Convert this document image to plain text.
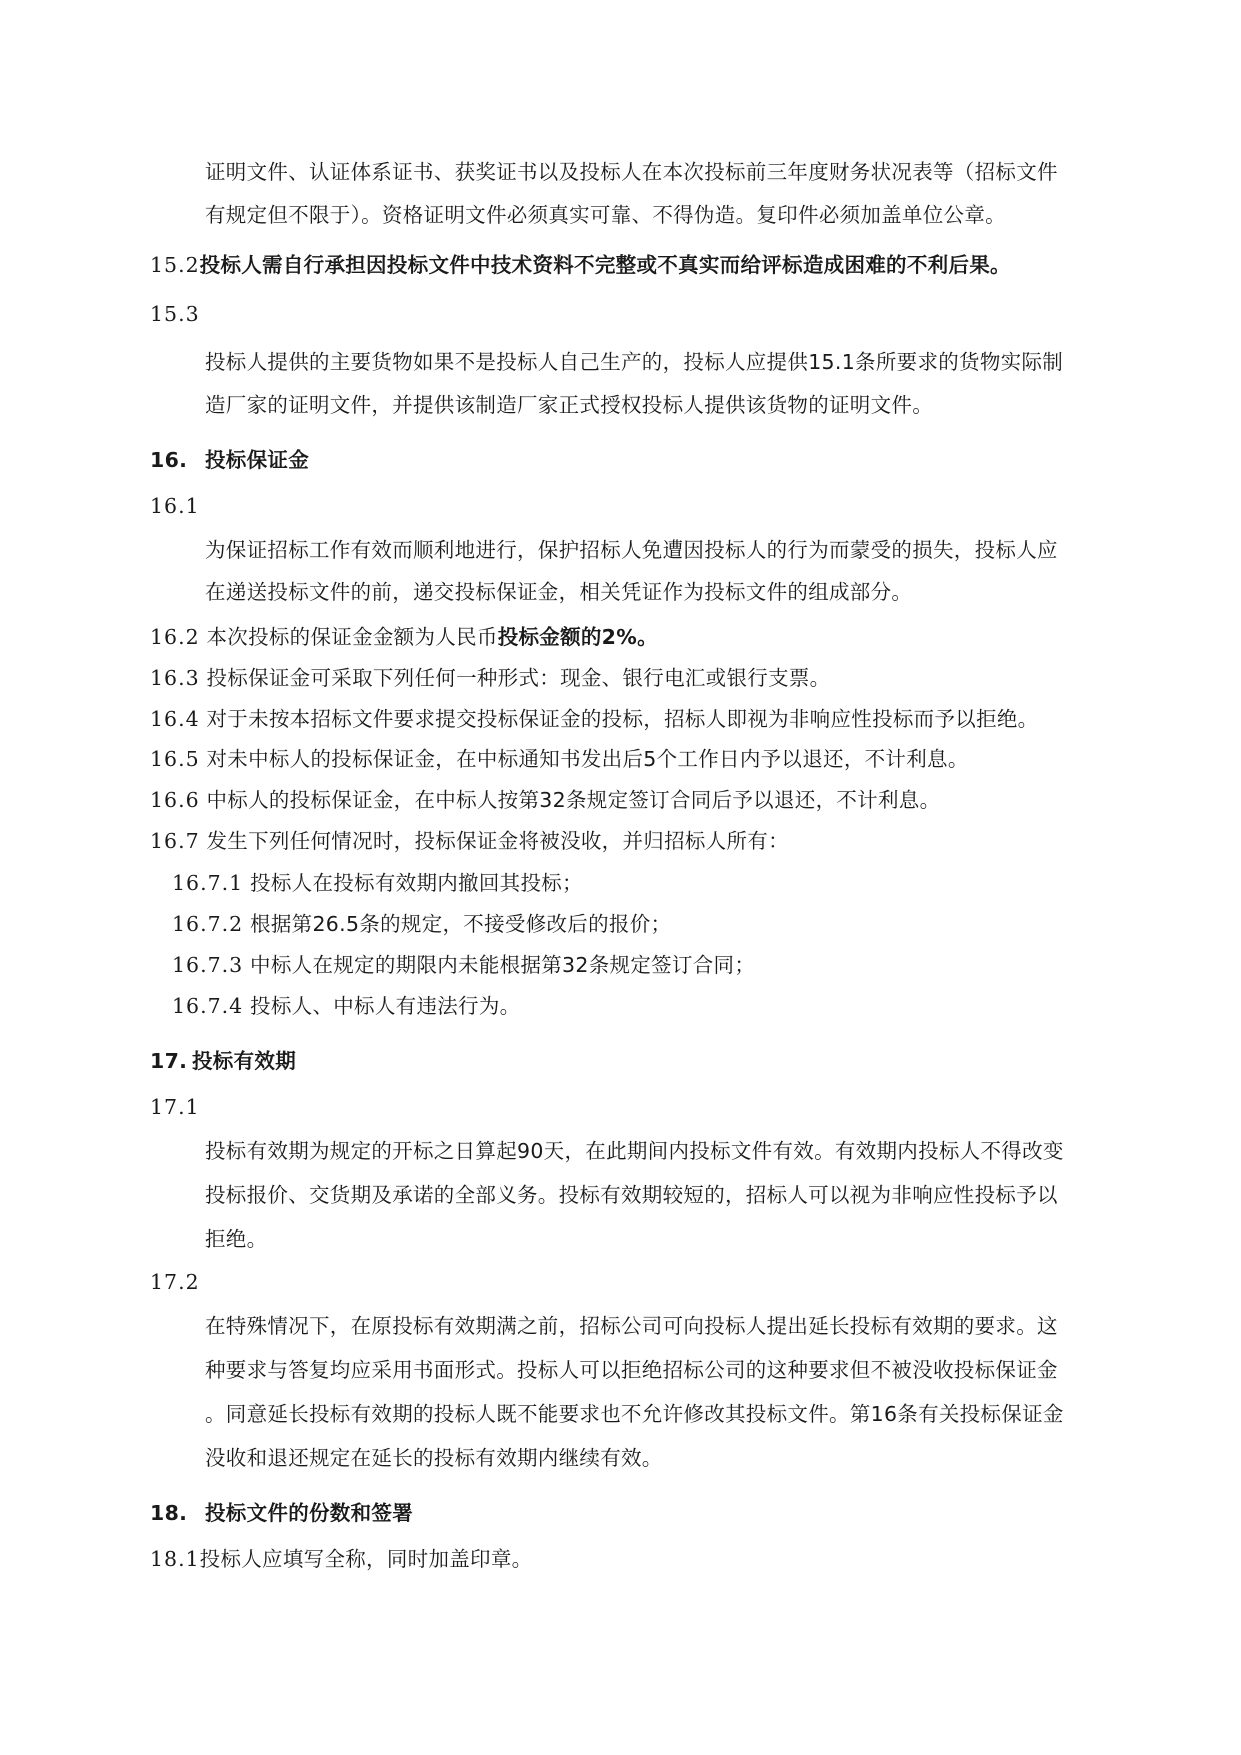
证明文件、认证体系证书、获奖证书以及投标人在本次投标前三年度财务状况表等（招标文件
有规定但不限于）。资格证明文件必须真实可靠、不得伪造。复印件必须加盖单位公章。
15.2投标人需自行承担因投标文件中技术资料不完整或不真实而给评标造成困难的不利后果。
15.3
投标人提供的主要货物如果不是投标人自己生产的，投标人应提供15.1条所要求的货物实际制
造厂家的证明文件，并提供该制造厂家正式授权投标人提供该货物的证明文件。
16. 投标保证金
16.1
为保证招标工作有效而顺利地进行，保护招标人免遭因投标人的行为而蒙受的损失，投标人应
在递送投标文件的前，递交投标保证金，相关凭证作为投标文件的组成部分。
16.2 本次投标的保证金金额为人民币投标金额的2%。
16.3 投标保证金可采取下列任何一种形式：现金、银行电汇或银行支票。
16.4 对于未按本招标文件要求提交投标保证金的投标，招标人即视为非响应性投标而予以拒绝。
16.5 对未中标人的投标保证金，在中标通知书发出后5个工作日内予以退还，不计利息。
16.6 中标人的投标保证金，在中标人按第32条规定签订合同后予以退还，不计利息。
16.7 发生下列任何情况时，投标保证金将被没收，并归招标人所有：
16.7.1 投标人在投标有效期内撤回其投标；
16.7.2 根据第26.5条的规定，不接受修改后的报价；
16.7.3 中标人在规定的期限内未能根据第32条规定签订合同；
16.7.4 投标人、中标人有违法行为。
17. 投标有效期
17.1
投标有效期为规定的开标之日算起90天，在此期间内投标文件有效。有效期内投标人不得改变
投标报价、交货期及承诺的全部义务。投标有效期较短的，招标人可以视为非响应性投标予以
拒绝。
17.2
在特殊情况下，在原投标有效期满之前，招标公司可向投标人提出延长投标有效期的要求。这
种要求与答复均应采用书面形式。投标人可以拒绝招标公司的这种要求但不被没收投标保证金
。同意延长投标有效期的投标人既不能要求也不允许修改其投标文件。第16条有关投标保证金
没收和退还规定在延长的投标有效期内继续有效。
18. 投标文件的份数和签署
18.1投标人应填写全称，同时加盖印章。
